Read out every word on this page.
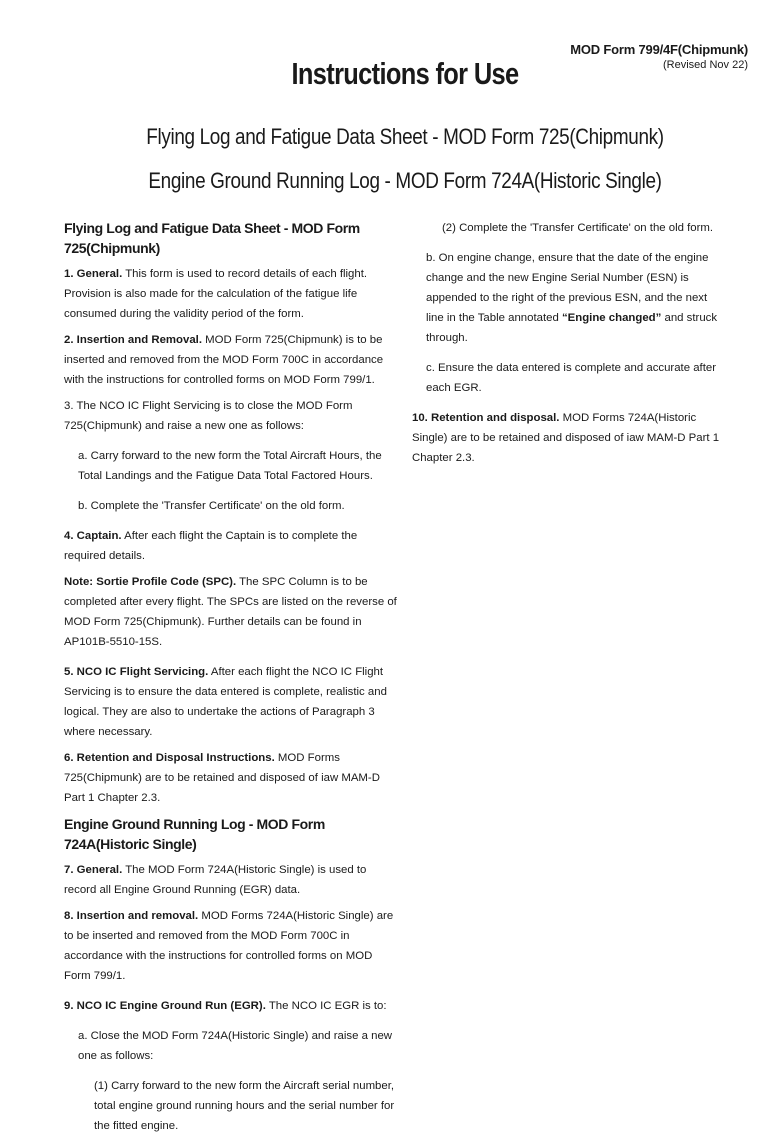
MOD Form 799/4F(Chipmunk)
(Revised Nov 22)
Instructions for Use
Flying Log and Fatigue Data Sheet - MOD Form 725(Chipmunk)
Engine Ground Running Log - MOD Form 724A(Historic Single)
Flying Log and Fatigue Data Sheet - MOD Form 725(Chipmunk)

1. General. This form is used to record details of each flight. Provision is also made for the calculation of the fatigue life consumed during the validity period of the form.

2. Insertion and Removal. MOD Form 725(Chipmunk) is to be inserted and removed from the MOD Form 700C in accordance with the instructions for controlled forms on MOD Form 799/1.

3. The NCO IC Flight Servicing is to close the MOD Form 725(Chipmunk) and raise a new one as follows:

a. Carry forward to the new form the Total Aircraft Hours, the Total Landings and the Fatigue Data Total Factored Hours.

b. Complete the 'Transfer Certificate' on the old form.

4. Captain. After each flight the Captain is to complete the required details.

Note: Sortie Profile Code (SPC). The SPC Column is to be completed after every flight. The SPCs are listed on the reverse of MOD Form 725(Chipmunk). Further details can be found in AP101B-5510-15S.

5. NCO IC Flight Servicing. After each flight the NCO IC Flight Servicing is to ensure the data entered is complete, realistic and logical. They are also to undertake the actions of Paragraph 3 where necessary.

6. Retention and Disposal Instructions. MOD Forms 725(Chipmunk) are to be retained and disposed of iaw MAM-D Part 1 Chapter 2.3.

Engine Ground Running Log - MOD Form 724A(Historic Single)

7. General. The MOD Form 724A(Historic Single) is used to record all Engine Ground Running (EGR) data.

8. Insertion and removal. MOD Forms 724A(Historic Single) are to be inserted and removed from the MOD Form 700C in accordance with the instructions for controlled forms on MOD Form 799/1.

9. NCO IC Engine Ground Run (EGR). The NCO IC EGR is to:

a. Close the MOD Form 724A(Historic Single) and raise a new one as follows:

(1) Carry forward to the new form the Aircraft serial number, total engine ground running hours and the serial number for the fitted engine.

(2) Complete the 'Transfer Certificate' on the old form.

b. On engine change, ensure that the date of the engine change and the new Engine Serial Number (ESN) is appended to the right of the previous ESN, and the next line in the Table annotated “Engine changed” and struck through.

c. Ensure the data entered is complete and accurate after each EGR.

10. Retention and disposal. MOD Forms 724A(Historic Single) are to be retained and disposed of iaw MAM-D Part 1 Chapter 2.3.
